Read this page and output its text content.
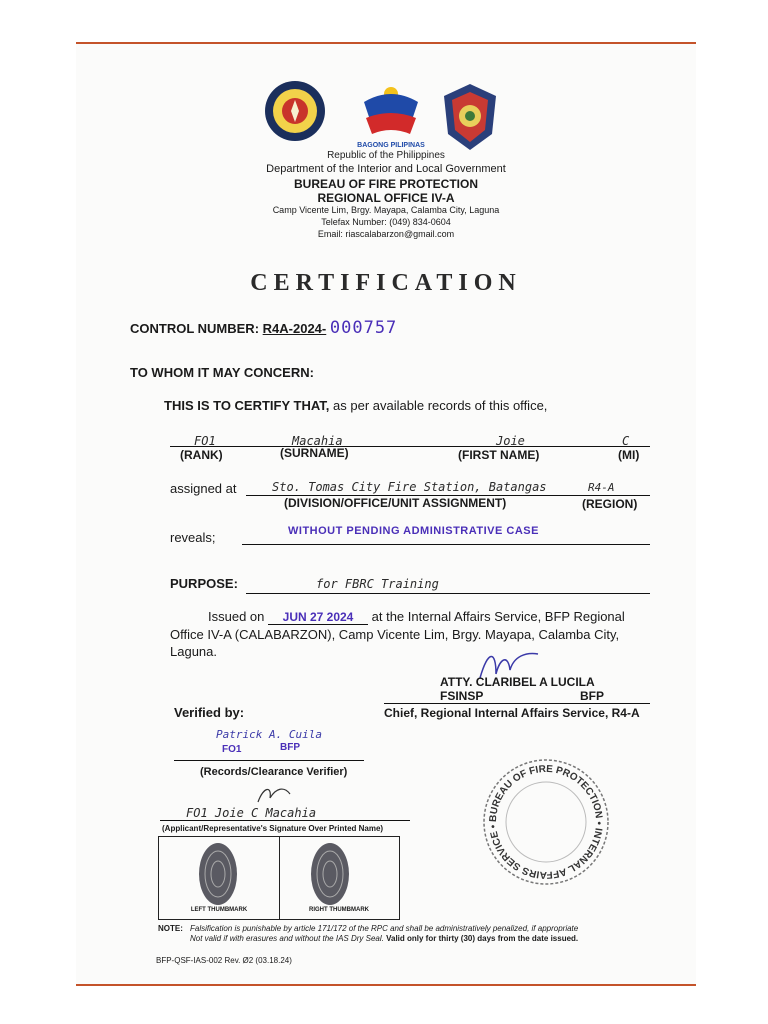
BAGONG PILIPINAS
Republic of the Philippines
Department of the Interior and Local Government
BUREAU OF FIRE PROTECTION
REGIONAL OFFICE IV-A
Camp Vicente Lim, Brgy. Mayapa, Calamba City, Laguna
Telefax Number: (049) 834-0604
Email: riascalabarzon@gmail.com
CERTIFICATION
CONTROL NUMBER: R4A-2024- 000757
TO WHOM IT MAY CONCERN:
THIS IS TO CERTIFY THAT, as per available records of this office,
FO1	Macahia	Joie	C
(RANK)	(SURNAME)	(FIRST NAME)	(MI)
assigned at	Sto. Tomas City Fire Station, Batangas	R4-A
(DIVISION/OFFICE/UNIT ASSIGNMENT)	(REGION)
reveals;	WITHOUT PENDING ADMINISTRATIVE CASE
PURPOSE:	for FBRC Training
Issued on JUN 27 2024 at the Internal Affairs Service, BFP Regional
Office IV-A (CALABARZON), Camp Vicente Lim, Brgy. Mayapa, Calamba City,
Laguna.
ATTY. CLARIBEL A LUCILA
FSINSP	BFP
Chief, Regional Internal Affairs Service, R4-A
Verified by:
Patrick A. Cuila
FO1	BFP
(Records/Clearance Verifier)
FO1 Joie C Macahia
(Applicant/Representative's Signature Over Printed Name)
LEFT THUMBMARK	RIGHT THUMBMARK
BUREAU OF FIRE PROTECTION • INTERNAL AFFAIRS SERVICE •
NOTE: Falsification is punishable by article 171/172 of the RPC and shall be administratively penalized, if appropriate
Not valid if with erasures and without the IAS Dry Seal. Valid only for thirty (30) days from the date issued.
BFP-QSF-IAS-002 Rev. Ø2 (03.18.24)
